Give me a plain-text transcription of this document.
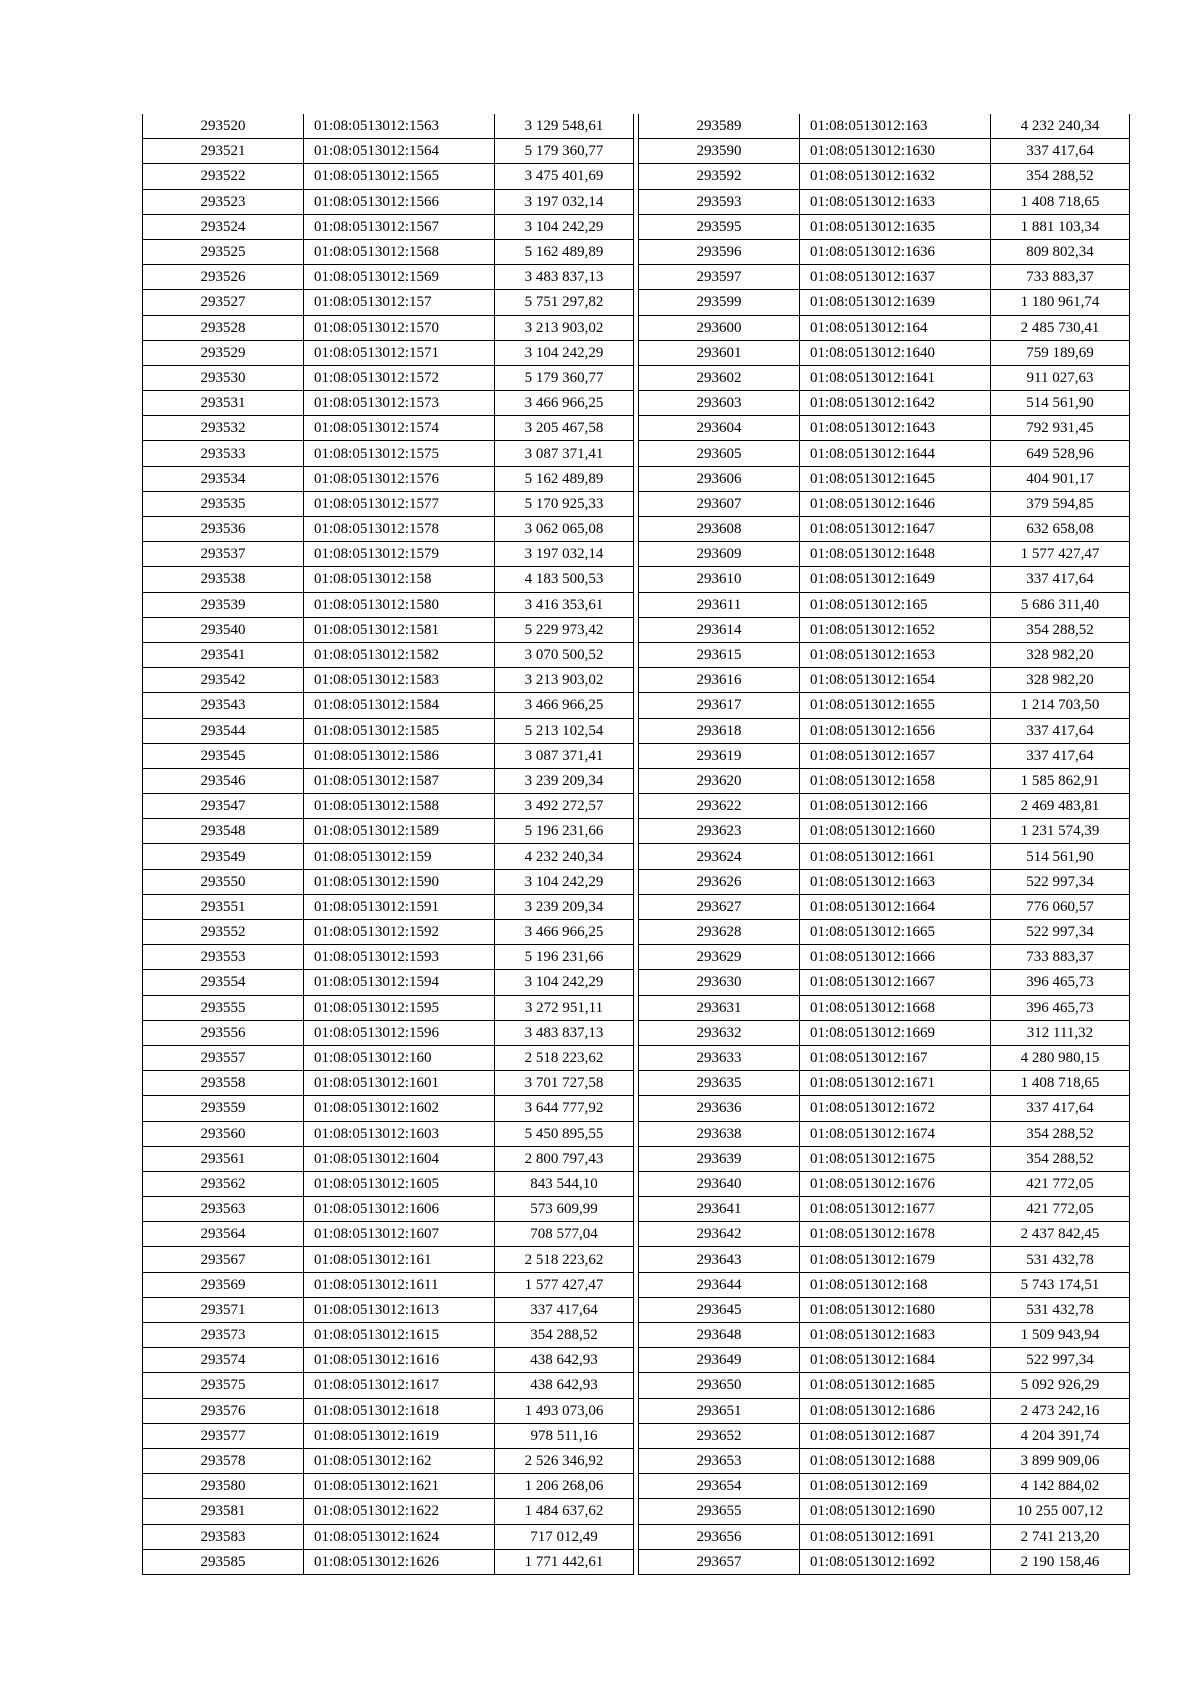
293520	01:08:0513012:1563	3 129 548,61
293521	01:08:0513012:1564	5 179 360,77
293522	01:08:0513012:1565	3 475 401,69
293523	01:08:0513012:1566	3 197 032,14
293524	01:08:0513012:1567	3 104 242,29
293525	01:08:0513012:1568	5 162 489,89
293526	01:08:0513012:1569	3 483 837,13
293527	01:08:0513012:157	5 751 297,82
293528	01:08:0513012:1570	3 213 903,02
293529	01:08:0513012:1571	3 104 242,29
293530	01:08:0513012:1572	5 179 360,77
293531	01:08:0513012:1573	3 466 966,25
293532	01:08:0513012:1574	3 205 467,58
293533	01:08:0513012:1575	3 087 371,41
293534	01:08:0513012:1576	5 162 489,89
293535	01:08:0513012:1577	5 170 925,33
293536	01:08:0513012:1578	3 062 065,08
293537	01:08:0513012:1579	3 197 032,14
293538	01:08:0513012:158	4 183 500,53
293539	01:08:0513012:1580	3 416 353,61
293540	01:08:0513012:1581	5 229 973,42
293541	01:08:0513012:1582	3 070 500,52
293542	01:08:0513012:1583	3 213 903,02
293543	01:08:0513012:1584	3 466 966,25
293544	01:08:0513012:1585	5 213 102,54
293545	01:08:0513012:1586	3 087 371,41
293546	01:08:0513012:1587	3 239 209,34
293547	01:08:0513012:1588	3 492 272,57
293548	01:08:0513012:1589	5 196 231,66
293549	01:08:0513012:159	4 232 240,34
293550	01:08:0513012:1590	3 104 242,29
293551	01:08:0513012:1591	3 239 209,34
293552	01:08:0513012:1592	3 466 966,25
293553	01:08:0513012:1593	5 196 231,66
293554	01:08:0513012:1594	3 104 242,29
293555	01:08:0513012:1595	3 272 951,11
293556	01:08:0513012:1596	3 483 837,13
293557	01:08:0513012:160	2 518 223,62
293558	01:08:0513012:1601	3 701 727,58
293559	01:08:0513012:1602	3 644 777,92
293560	01:08:0513012:1603	5 450 895,55
293561	01:08:0513012:1604	2 800 797,43
293562	01:08:0513012:1605	843 544,10
293563	01:08:0513012:1606	573 609,99
293564	01:08:0513012:1607	708 577,04
293567	01:08:0513012:161	2 518 223,62
293569	01:08:0513012:1611	1 577 427,47
293571	01:08:0513012:1613	337 417,64
293573	01:08:0513012:1615	354 288,52
293574	01:08:0513012:1616	438 642,93
293575	01:08:0513012:1617	438 642,93
293576	01:08:0513012:1618	1 493 073,06
293577	01:08:0513012:1619	978 511,16
293578	01:08:0513012:162	2 526 346,92
293580	01:08:0513012:1621	1 206 268,06
293581	01:08:0513012:1622	1 484 637,62
293583	01:08:0513012:1624	717 012,49
293585	01:08:0513012:1626	1 771 442,61
293589	01:08:0513012:163	4 232 240,34
293590	01:08:0513012:1630	337 417,64
293592	01:08:0513012:1632	354 288,52
293593	01:08:0513012:1633	1 408 718,65
293595	01:08:0513012:1635	1 881 103,34
293596	01:08:0513012:1636	809 802,34
293597	01:08:0513012:1637	733 883,37
293599	01:08:0513012:1639	1 180 961,74
293600	01:08:0513012:164	2 485 730,41
293601	01:08:0513012:1640	759 189,69
293602	01:08:0513012:1641	911 027,63
293603	01:08:0513012:1642	514 561,90
293604	01:08:0513012:1643	792 931,45
293605	01:08:0513012:1644	649 528,96
293606	01:08:0513012:1645	404 901,17
293607	01:08:0513012:1646	379 594,85
293608	01:08:0513012:1647	632 658,08
293609	01:08:0513012:1648	1 577 427,47
293610	01:08:0513012:1649	337 417,64
293611	01:08:0513012:165	5 686 311,40
293614	01:08:0513012:1652	354 288,52
293615	01:08:0513012:1653	328 982,20
293616	01:08:0513012:1654	328 982,20
293617	01:08:0513012:1655	1 214 703,50
293618	01:08:0513012:1656	337 417,64
293619	01:08:0513012:1657	337 417,64
293620	01:08:0513012:1658	1 585 862,91
293622	01:08:0513012:166	2 469 483,81
293623	01:08:0513012:1660	1 231 574,39
293624	01:08:0513012:1661	514 561,90
293626	01:08:0513012:1663	522 997,34
293627	01:08:0513012:1664	776 060,57
293628	01:08:0513012:1665	522 997,34
293629	01:08:0513012:1666	733 883,37
293630	01:08:0513012:1667	396 465,73
293631	01:08:0513012:1668	396 465,73
293632	01:08:0513012:1669	312 111,32
293633	01:08:0513012:167	4 280 980,15
293635	01:08:0513012:1671	1 408 718,65
293636	01:08:0513012:1672	337 417,64
293638	01:08:0513012:1674	354 288,52
293639	01:08:0513012:1675	354 288,52
293640	01:08:0513012:1676	421 772,05
293641	01:08:0513012:1677	421 772,05
293642	01:08:0513012:1678	2 437 842,45
293643	01:08:0513012:1679	531 432,78
293644	01:08:0513012:168	5 743 174,51
293645	01:08:0513012:1680	531 432,78
293648	01:08:0513012:1683	1 509 943,94
293649	01:08:0513012:1684	522 997,34
293650	01:08:0513012:1685	5 092 926,29
293651	01:08:0513012:1686	2 473 242,16
293652	01:08:0513012:1687	4 204 391,74
293653	01:08:0513012:1688	3 899 909,06
293654	01:08:0513012:169	4 142 884,02
293655	01:08:0513012:1690	10 255 007,12
293656	01:08:0513012:1691	2 741 213,20
293657	01:08:0513012:1692	2 190 158,46
